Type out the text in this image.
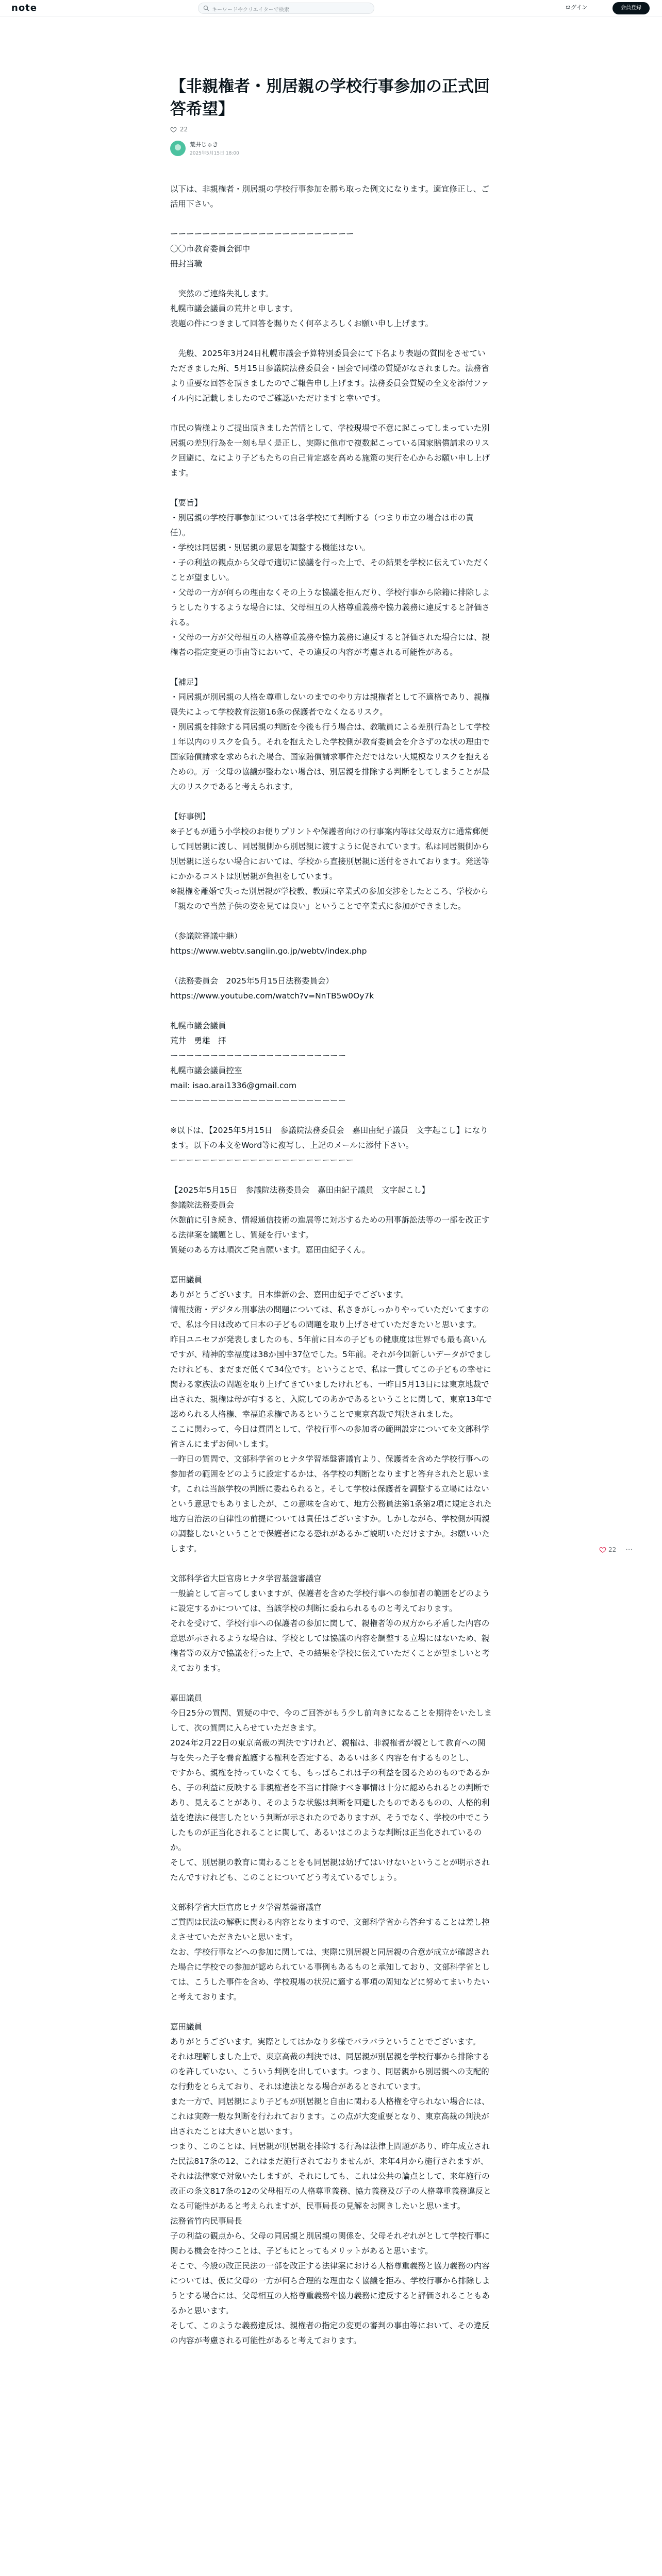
note	キーワードやクリエイターで検索	ログイン	会員登録
【非親権者・別居親の学校行事参加の正式回答希望】
22
荒井じゅき
2025年5月15日 18:00

以下は、非親権者・別居親の学校行事参加を勝ち取った例文になります。適宜修正し、ご活用下さい。

ーーーーーーーーーーーーーーーーーーーーーーー
〇〇市教育委員会御中
冊封当職

　突然のご連絡失礼します。
札幌市議会議員の荒井と申します。
表題の件につきまして回答を賜りたく何卒よろしくお願い申し上げます。

　先般、2025年3月24日札幌市議会予算特別委員会にて下名より表題の質問をさせていただきました所、5月15日参議院法務委員会・国会で同様の質疑がなされました。法務省より重要な回答を頂きましたのでご報告申し上げます。法務委員会質疑の全文を添付ファイル内に記載しましたのでご確認いただけますと幸いです。

市民の皆様よりご提出頂きました苦情として、学校現場で不意に起こってしまっていた別居親の差別行為を一刻も早く是正し、実際に他市で複数起こっている国家賠償請求のリスク回避に、なにより子どもたちの自己肯定感を高める施策の実行を心からお願い申し上げます。

【要旨】
・別居親の学校行事参加については各学校にて判断する（つまり市立の場合は市の責任）。
・学校は同居親・別居親の意思を調整する機能はない。
・子の利益の観点から父母で適切に協議を行った上で、その結果を学校に伝えていただくことが望ましい。
・父母の一方が何らの理由なくその上うな協議を拒んだり、学校行事から除籍に排除しようとしたりするような場合には、父母相互の人格尊重義務や協力義務に違反すると評価される。
・父母の一方が父母相互の人格尊重義務や協力義務に違反すると評価された場合には、親権者の指定変更の事由等において、その違反の内容が考慮される可能性がある。

【補足】
・同居親が別居親の人格を尊重しないのまでのやり方は親権者として不適格であり、親権喪失によって学校教育法第16条の保護者でなくなるリスク。
・別居親を排除する同居親の判断を今後も行う場合は、教職員による差別行為として学校１年以内のリスクを負う。それを抱えたした学校側が教育委員会を介さずのな状の理由で国家賠償請求を求められた場合、国家賠償請求事件ただではない大規模なリスクを抱えるための。万一父母の協議が整わない場合は、別居親を排除する判断をしてしまうことが最大のリスクであると考えられます。

【好事例】
※子どもが通う小学校のお便りプリントや保護者向けの行事案内等は父母双方に通常郵便して同居親に渡し、同居親側から別居親に渡すように促されています。私は同居親側から別居親に送らない場合においては、学校から直接別居親に送付をされております。発送等にかかるコストは別居親が負担をしています。
※親権を離婚で失った別居親が学校教、教頭に卒業式の参加交渉をしたところ、学校から「親なので当然子供の姿を見ては良い」ということで卒業式に参加ができました。

（参議院審議中継）
https://www.webtv.sangiin.go.jp/webtv/index.php

（法務委員会　2025年5月15日法務委員会）
https://www.youtube.com/watch?v=NnTB5w0Oy7k

札幌市議会議員
荒井　勇雄　拝
ーーーーーーーーーーーーーーーーーーーーーー
札幌市議会議員控室
mail: isao.arai1336@gmail.com
ーーーーーーーーーーーーーーーーーーーーーー

※以下は、【2025年5月15日　参議院法務委員会　嘉田由紀子議員　文字起こし】になります。以下の本文をWord等に複写し、上記のメールに添付下さい。
ーーーーーーーーーーーーーーーーーーーーーーー

【2025年5月15日　参議院法務委員会　嘉田由紀子議員　文字起こし】
参議院法務委員会
休憩前に引き続き、情報通信技術の進展等に対応するための刑事訴訟法等の一部を改正する法律案を議題とし、質疑を行います。
質疑のある方は順次ご発言願います。嘉田由紀子くん。

嘉田議員
ありがとうございます。日本維新の会、嘉田由紀子でございます。
情報技術・デジタル刑事法の問題については、私さきがしっかりやっていただいてますので、私は今日は改めて日本の子どもの問題を取り上げさせていただきたいと思います。
昨日ユニセフが発表しましたのも、5年前に日本の子どもの健康度は世界でも最も高いんですが、精神的幸福度は38か国中37位でした。5年前。それが今回新しいデータがでましたけれども、まだまだ低くて34位です。ということで、私は一貫してこの子どもの幸せに関わる家族法の問題を取り上げてきていましたけれども、一昨日5月13日には東京地裁で出された、親権は母が有すると、入院してのあかであるということに関して、東京13年で認められる人格権、幸福追求権であるということで東京高裁で判決されました。
ここに関わって、今日は質問として、学校行事への参加者の範囲設定についてを文部科学省さんにまずお伺いします。
一昨日の質問で、文部科学省のヒナタ学習基盤審議官より、保護者を含めた学校行事への参加者の範囲をどのように設定するかは、各学校の判断となりますと答弁されたと思います。これは当該学校の判断に委ねられると。そして学校は保護者を調整する立場にはないという意思でもありましたが、この意味を含めて、地方公務員法第1条第2項に規定された地方自治法の自律性の前提については責任はございますか。しかしながら、学校側が両親の調整しないということで保護者になる恐れがあるかご説明いただけますか。お願いいたします。

文部科学省大臣官房ヒナタ学習基盤審議官
一般論として言ってしまいますが、保護者を含めた学校行事への参加者の範囲をどのように設定するかについては、当該学校の判断に委ねられるものと考えております。
それを受けて、学校行事への保護者の参加に関して、親権者等の双方から矛盾した内容の意思が示されるような場合は、学校としては協議の内容を調整する立場にはないため、親権者等の双方で協議を行った上で、その結果を学校に伝えていただくことが望ましいと考えております。

嘉田議員
今日25分の質問、質疑の中で、今のご回答がもう少し前向きになることを期待をいたしまして、次の質問に入らせていただきます。
2024年2月22日の東京高裁の判決ですけれど、親権は、非親権者が親として教育への関与を失った子を養育監護する権利を否定する、あるいは多く内容を有するものとし、
ですから、親権を持っていなくても、もっぱらこれは子の利益を図るためのものであるから、子の利益に反映する非親権者を不当に排除すべき事情は十分に認められるとの判断であり、見えることがあり、そのような状態は判断を回避したものであるものの、人格的利益を違法に侵害したという判断が示されたのでありますが、そうでなく、学校の中でこうしたものが正当化されることに関して、あるいはこのような判断は正当化されているのか。
そして、別居親の教育に関わることをも同居親は妨げてはいけないということが明示されたんですけれども、このことについてどう考えているでしょう。

文部科学省大臣官房ヒナタ学習基盤審議官
ご質問は民法の解釈に関わる内容となりますので、文部科学省から答弁することは差し控えさせていただきたいと思います。
なお、学校行事などへの参加に関しては、実際に別居親と同居親の合意が成立が確認された場合に学校での参加が認められている事例もあるものと承知しており、文部科学省としては、こうした事件を含め、学校現場の状況に適する事項の周知などに努めてまいりたいと考えております。

嘉田議員
ありがとうございます。実際としてはかなり多様でバラバラということでございます。
それは理解しました上で、東京高裁の判決では、同居親が別居親を学校行事から排除するのを許していない、こういう判例を出しています。つまり、同居親から別居親への支配的な行動をとらえており、それは違法となる場合があるとされています。
また一方で、同居親により子どもが別居親と自由に関わる人格権を守られない場合には、これは実際一般な判断を行われております。この点が大変重要となり、東京高裁の判決が出されたことは大きいと思います。
つまり、このことは、同居親が別居親を排除する行為は法律上問題があり、昨年成立された民法817条の12、これはまだ施行されておりませんが、来年4月から施行されますが、それは法律家で対象いたしますが、それにしても、これは公共の論点として、来年施行の改正の条文817条の12の父母相互の人格尊重義務、協力義務及び子の人格尊重義務違反となる可能性があると考えられますが、民事局長の見解をお聞きしたいと思います。
法務省竹内民事局長
子の利益の観点から、父母の同居親と別居親の関係を、父母それぞれがとして学校行事に関わる機会を持つことは、子どもにとってもメリットがあると思います。
そこで、今般の改正民法の一部を改正する法律案における人格尊重義務と協力義務の内容については、仮に父母の一方が何ら合理的な理由なく協議を拒み、学校行事から排除しようとする場合には、父母相互の人格尊重義務や協力義務に違反すると評価されることもあるかと思います。
そして、このような義務違反は、親権者の指定の変更の審判の事由等において、その違反の内容が考慮される可能性があると考えております。

22 ⋯
